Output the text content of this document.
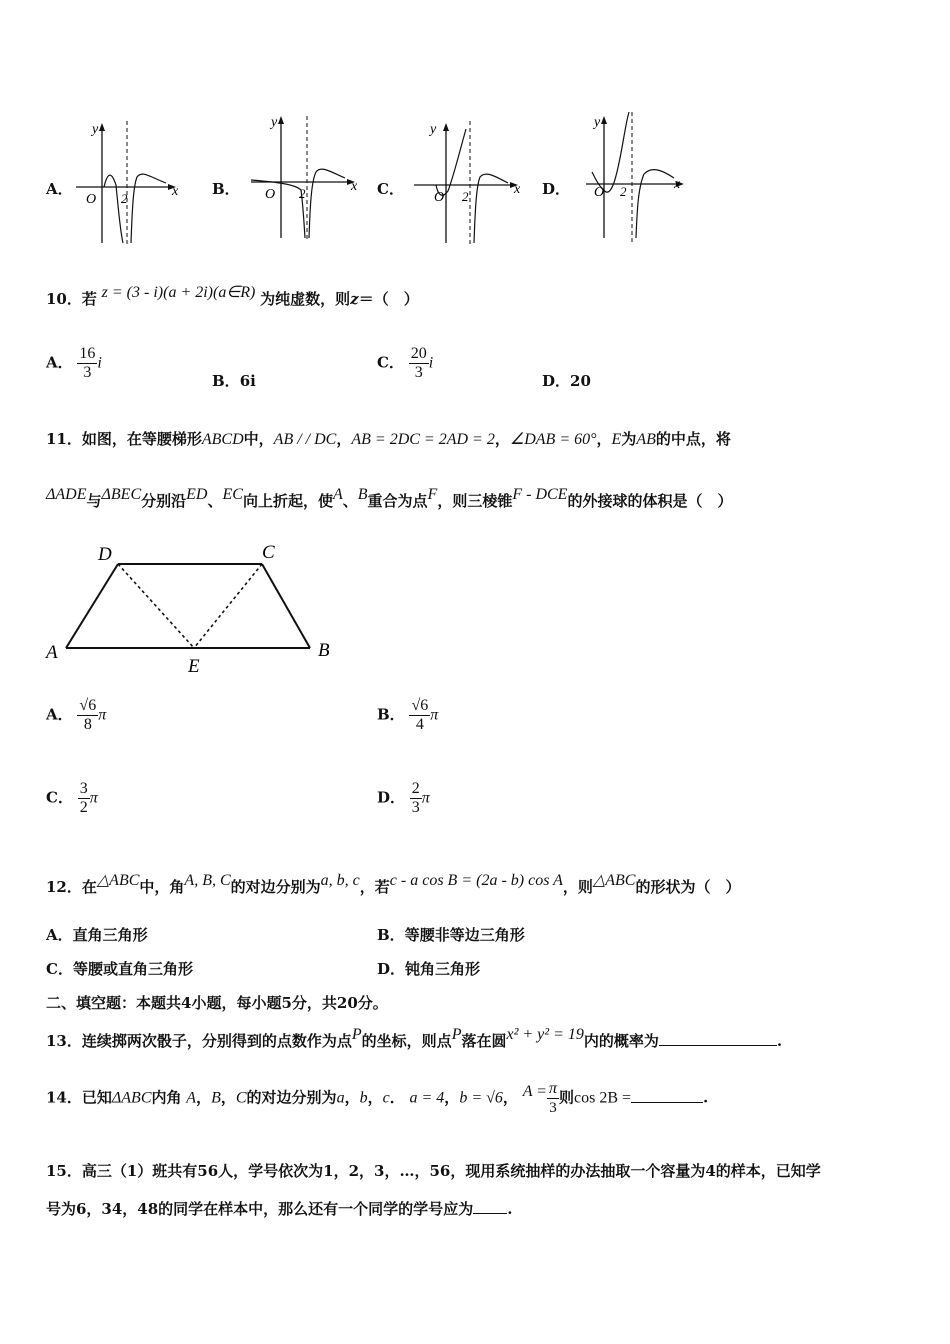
A．
y
x
O 2
B．
y
x
O 2	C．
y
x
O 2	D．
y
x
O 2
10．若 z = (3 - i)(a + 2i)(a∈R) 为纯虚数，则z＝（　）
A． $\frac{16}{3}$ i
B．6i
C． $\frac{20}{3}$ i
D．20
11．如图，在等腰梯形ABCD中，AB / / DC，AB = 2DC = 2AD = 2，∠DAB = 60°，E为AB的中点，将
ΔADE与ΔBEC分别沿ED、EC向上折起，使A、B重合为点F，则三棱锥F - DCE的外接球的体积是（　）
D	C
A
E
B
A． $\frac{√6}{8}$ π	B． $\frac{√6}{4}$ π
C． $\frac{3}{2}$ π	D． $\frac{2}{3}$ π
12．在△ABC中，角A, B, C的对边分别为a, b, c，若c - a cos B = (2a - b) cos A，则△ABC的形状为（　）
A．直角三角形	B．等腰非等边三角形
C．等腰或直角三角形	D．钝角三角形
二、填空题：本题共4小题，每小题5分，共20分。
13．连续掷两次骰子，分别得到的点数作为点P的坐标，则点P落在圆x² + y² = 19内的概率为	.
14．已知ΔABC内角 A，B，C的对边分别为a，b，c． a = 4，b = √6， $A = \frac{\pi}{3}$ 则cos 2B =	.
15．高三（1）班共有56人，学号依次为1，2，3，…，56，现用系统抽样的办法抽取一个容量为4的样本，已知学
号为6，34，48的同学在样本中，那么还有一个同学的学号应为 .
